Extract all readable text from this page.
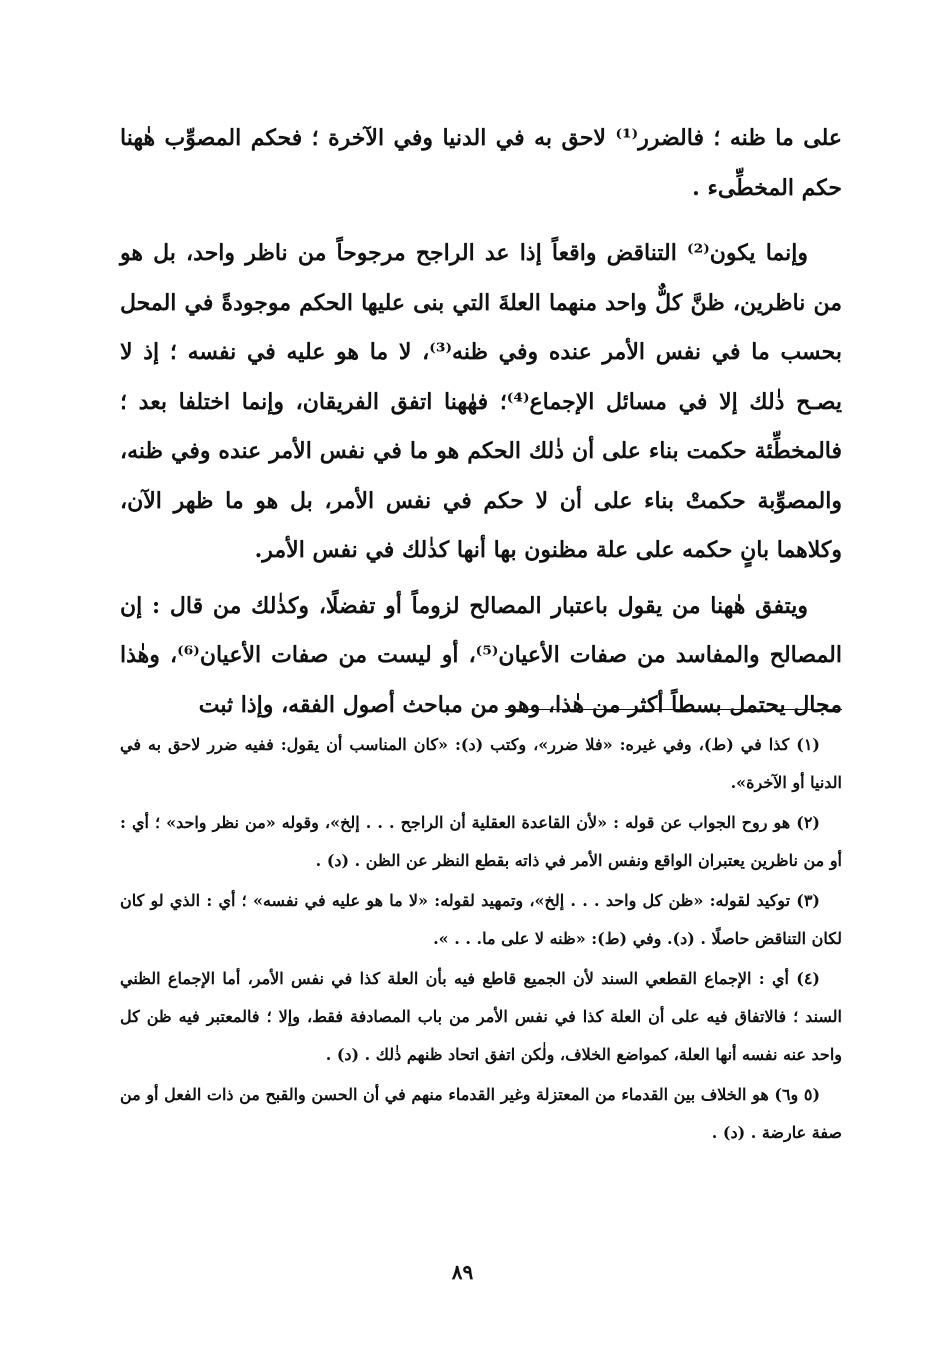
على ما ظنه ؛ فالضرر⁽¹⁾ لاحق به في الدنيا وفي الآخرة ؛ فحكم المصوِّب هٰهنا حكم المخطِّىء .

وإنما يكون⁽²⁾ التناقض واقعاً إذا عد الراجح مرجوحاً من ناظر واحد، بل هو من ناظرين، ظنَّ كلٌّ واحد منهما العلةَ التي بنى عليها الحكم موجودةً في المحل بحسب ما في نفس الأمر عنده وفي ظنه⁽³⁾، لا ما هو عليه في نفسه ؛ إذ لا يصـح ذٰلك إلا في مسائل الإجماع⁽⁴⁾؛ فهٰهنا اتفق الفريقان، وإنما اختلفا بعد ؛ فالمخطِّئة حكمت بناء على أن ذٰلك الحكم هو ما في نفس الأمر عنده وفي ظنه، والمصوِّبة حكمتْ بناء على أن لا حكم في نفس الأمر، بل هو ما ظهر الآن، وكلاهما بانٍ حكمه على علة مظنون بها أنها كذٰلك في نفس الأمر.

ويتفق هٰهنا من يقول باعتبار المصالح لزوماً أو تفضلًا، وكذٰلك من قال : إن المصالح والمفاسد من صفات الأعيان⁽⁵⁾، أو ليست من صفات الأعيان⁽⁶⁾، وهٰذا مجال يحتمل بسطاً أكثر من هٰذا، وهو من مباحث أصول الفقه، وإذا ثبت

(١) كذا في (ط)، وفي غيره: «فلا ضرر»، وكتب (د): «كان المناسب أن يقول: ففيه ضرر لاحق به في الدنيا أو الآخرة».

(٢) هو روح الجواب عن قوله : «لأن القاعدة العقلية أن الراجح . . . إلخ»، وقوله «من نظر واحد» ؛ أي : أو من ناظرين يعتبران الواقع ونفس الأمر في ذاته بقطع النظر عن الظن . (د) .

(٣) توكيد لقوله: «ظن كل واحد . . . إلخ»، وتمهيد لقوله: «لا ما هو عليه في نفسه» ؛ أي : الذي لو كان لكان التناقض حاصلًا . (د). وفي (ط): «ظنه لا على ما. . . ».

(٤) أي : الإجماع القطعي السند لأن الجميع قاطع فيه بأن العلة كذا في نفس الأمر، أما الإجماع الظني السند ؛ فالاتفاق فيه على أن العلة كذا في نفس الأمر من باب المصادفة فقط، وإلا ؛ فالمعتبر فيه ظن كل واحد عنه نفسه أنها العلة، كمواضع الخلاف، ولٰكن اتفق اتحاد ظنهم ذٰلك . (د) .

(٥ و٦) هو الخلاف بين القدماء من المعتزلة وغير القدماء منهم في أن الحسن والقبح من ذات الفعل أو من صفة عارضة . (د) .

٨٩
